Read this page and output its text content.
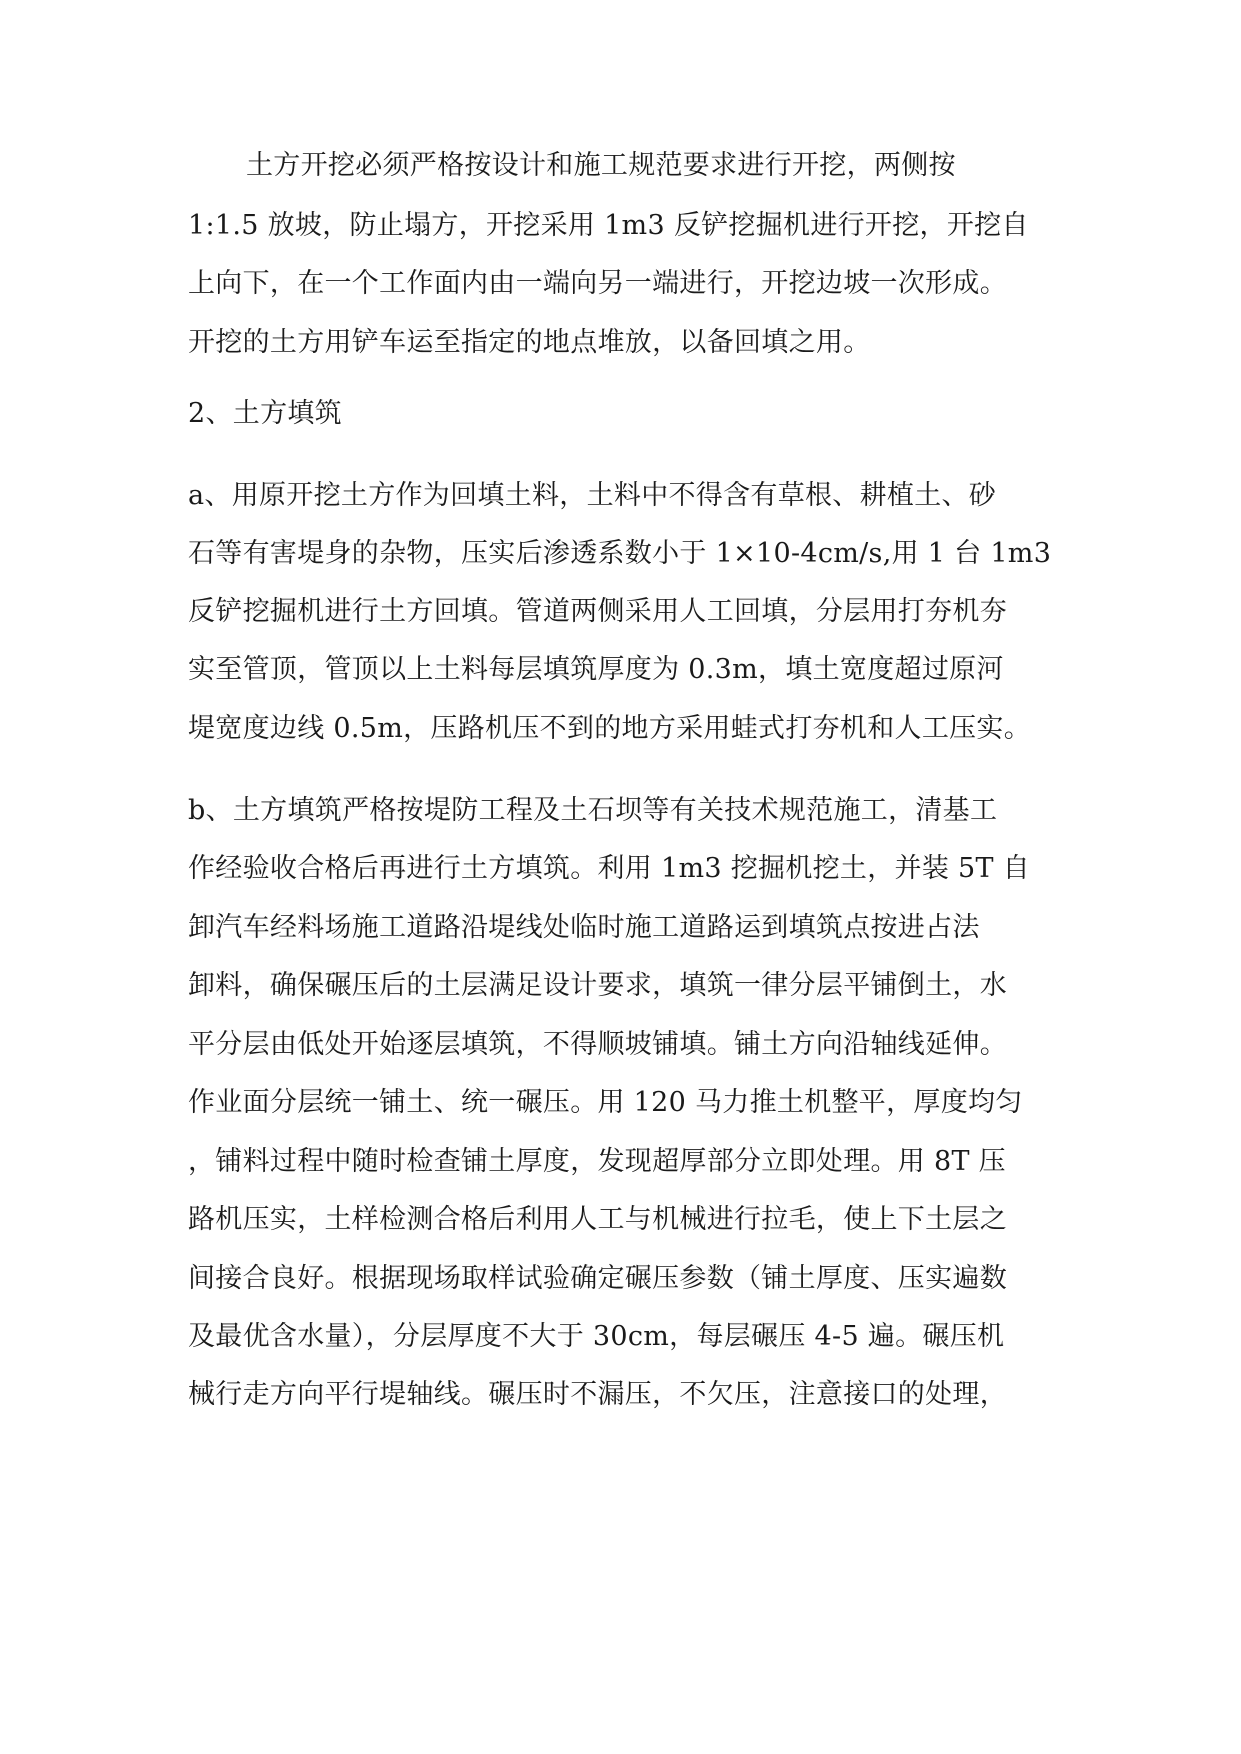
土方开挖必须严格按设计和施工规范要求进行开挖，两侧按
1:1.5 放坡，防止塌方，开挖采用 1m3 反铲挖掘机进行开挖，开挖自
上向下，在一个工作面内由一端向另一端进行，开挖边坡一次形成。
开挖的土方用铲车运至指定的地点堆放，以备回填之用。
2、土方填筑
a、用原开挖土方作为回填土料，土料中不得含有草根、耕植土、砂
石等有害堤身的杂物，压实后渗透系数小于 1×10-4cm/s,用 1 台 1m3
反铲挖掘机进行土方回填。管道两侧采用人工回填，分层用打夯机夯
实至管顶，管顶以上土料每层填筑厚度为 0.3m，填土宽度超过原河
堤宽度边线 0.5m，压路机压不到的地方采用蛙式打夯机和人工压实。
b、土方填筑严格按堤防工程及土石坝等有关技术规范施工，清基工
作经验收合格后再进行土方填筑。利用 1m3 挖掘机挖土，并装 5T 自
卸汽车经料场施工道路沿堤线处临时施工道路运到填筑点按进占法
卸料，确保碾压后的土层满足设计要求，填筑一律分层平铺倒土，水
平分层由低处开始逐层填筑，不得顺坡铺填。铺土方向沿轴线延伸。
作业面分层统一铺土、统一碾压。用 120 马力推土机整平，厚度均匀
，铺料过程中随时检查铺土厚度，发现超厚部分立即处理。用 8T 压
路机压实，土样检测合格后利用人工与机械进行拉毛，使上下土层之
间接合良好。根据现场取样试验确定碾压参数（铺土厚度、压实遍数
及最优含水量），分层厚度不大于 30cm，每层碾压 4-5 遍。碾压机
械行走方向平行堤轴线。碾压时不漏压，不欠压，注意接口的处理，
